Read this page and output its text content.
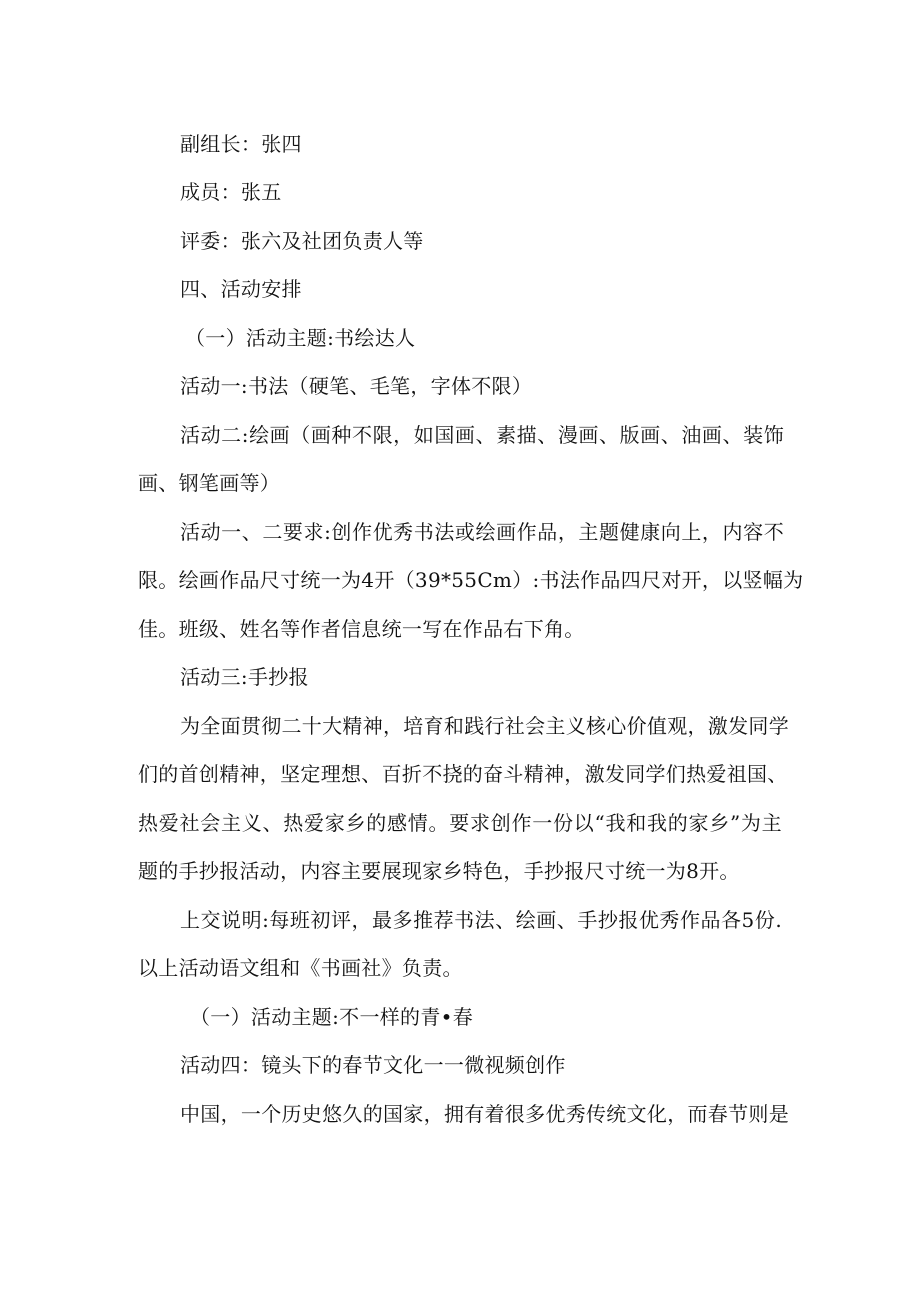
副组长：张四
成员：张五
评委：张六及社团负责人等
四、活动安排
（一）活动主题:书绘达人
活动一:书法（硬笔、毛笔，字体不限）
活动二:绘画（画种不限，如国画、素描、漫画、版画、油画、装饰
画、钢笔画等）
活动一、二要求:创作优秀书法或绘画作品，主题健康向上，内容不
限。绘画作品尺寸统一为4开（39*55Cm）:书法作品四尺对开，以竖幅为
佳。班级、姓名等作者信息统一写在作品右下角。
活动三:手抄报
为全面贯彻二十大精神，培育和践行社会主义核心价值观，激发同学
们的首创精神，坚定理想、百折不挠的奋斗精神，激发同学们热爱祖国、
热爱社会主义、热爱家乡的感情。要求创作一份以“我和我的家乡”为主
题的手抄报活动，内容主要展现家乡特色，手抄报尺寸统一为8开。
上交说明:每班初评，最多推荐书法、绘画、手抄报优秀作品各5份.
以上活动语文组和《书画社》负责。
（一）活动主题:不一样的青•春
活动四：镜头下的春节文化一一微视频创作
中国，一个历史悠久的国家，拥有着很多优秀传统文化，而春节则是
